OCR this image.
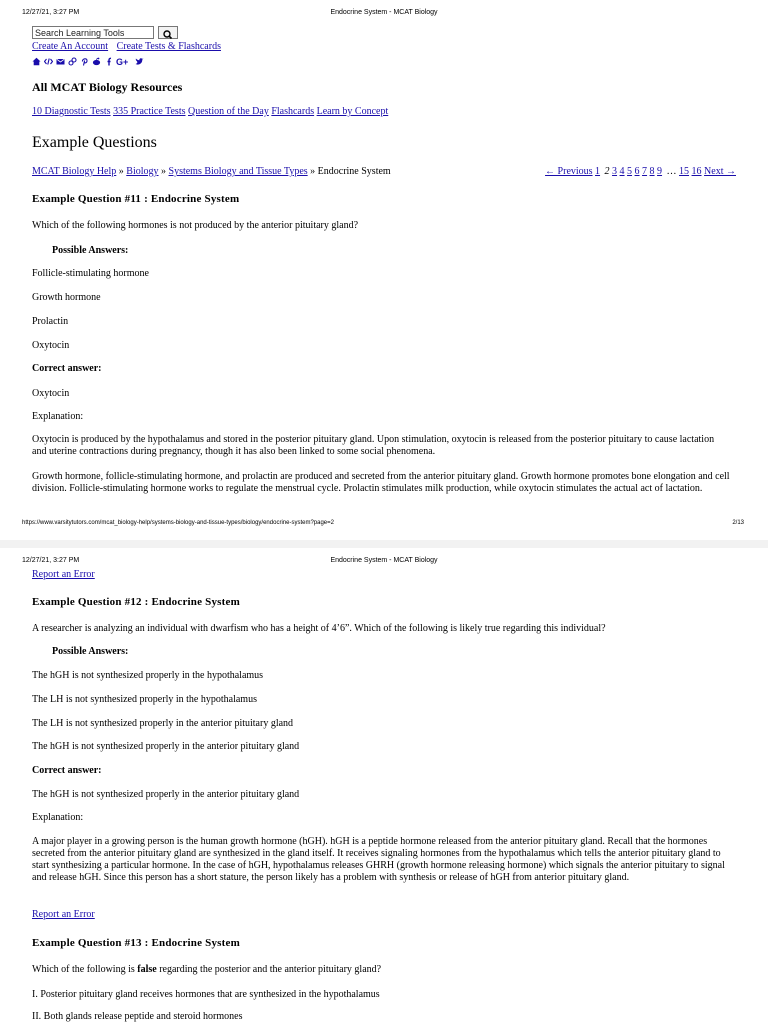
12/27/21, 3:27 PM	Endocrine System - MCAT Biology
Search Learning Tools
Create An Account Create Tests & Flashcards
G+
All MCAT Biology Resources
10 Diagnostic Tests 335 Practice Tests Question of the Day Flashcards Learn by Concept
Example Questions
MCAT Biology Help » Biology » Systems Biology and Tissue Types » Endocrine System	← Previous 1 2 3 4 5 6 7 8 9 … 15 16 Next →
Example Question #11 : Endocrine System
Which of the following hormones is not produced by the anterior pituitary gland?
Possible Answers:
Follicle-stimulating hormone
Growth hormone
Prolactin
Oxytocin
Correct answer:
Oxytocin
Explanation:
Oxytocin is produced by the hypothalamus and stored in the posterior pituitary gland. Upon stimulation, oxytocin is released from the posterior pituitary to cause lactation and uterine contractions during pregnancy, though it has also been linked to some social phenomena.
Growth hormone, follicle-stimulating hormone, and prolactin are produced and secreted from the anterior pituitary gland. Growth hormone promotes bone elongation and cell division. Follicle-stimulating hormone works to regulate the menstrual cycle. Prolactin stimulates milk production, while oxytocin stimulates the actual act of lactation.
https://www.varsitytutors.com/mcat_biology-help/systems-biology-and-tissue-types/biology/endocrine-system?page=2	2/13
12/27/21, 3:27 PM	Endocrine System - MCAT Biology
Report an Error
Example Question #12 : Endocrine System
A researcher is analyzing an individual with dwarfism who has a height of 4’6”. Which of the following is likely true regarding this individual?
Possible Answers:
The hGH is not synthesized properly in the hypothalamus
The LH is not synthesized properly in the hypothalamus
The LH is not synthesized properly in the anterior pituitary gland
The hGH is not synthesized properly in the anterior pituitary gland
Correct answer:
The hGH is not synthesized properly in the anterior pituitary gland
Explanation:
A major player in a growing person is the human growth hormone (hGH). hGH is a peptide hormone released from the anterior pituitary gland. Recall that the hormones secreted from the anterior pituitary gland are synthesized in the gland itself. It receives signaling hormones from the hypothalamus which tells the anterior pituitary gland to start synthesizing a particular hormone. In the case of hGH, hypothalamus releases GHRH (growth hormone releasing hormone) which signals the anterior pituitary to signal and release hGH. Since this person has a short stature, the person likely has a problem with synthesis or release of hGH from anterior pituitary gland.
Report an Error
Example Question #13 : Endocrine System
Which of the following is false regarding the posterior and the anterior pituitary gland?
I. Posterior pituitary gland receives hormones that are synthesized in the hypothalamus
II. Both glands release peptide and steroid hormones
